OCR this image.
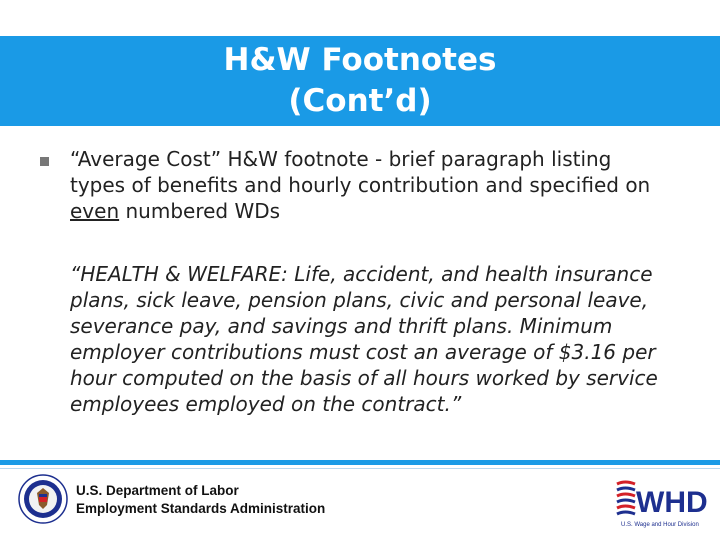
H&W Footnotes
(Cont’d)
“Average Cost” H&W footnote - brief paragraph listing types of benefits and hourly contribution and specified on even numbered WDs
“HEALTH & WELFARE: Life, accident, and health insurance plans, sick leave, pension plans, civic and personal leave, severance pay, and savings and thrift plans. Minimum employer contributions must cost an average of $3.16 per hour computed on the basis of all hours worked by service employees employed on the contract.”
U.S. Department of Labor
Employment Standards Administration	WHD
U.S. Wage and Hour Division
